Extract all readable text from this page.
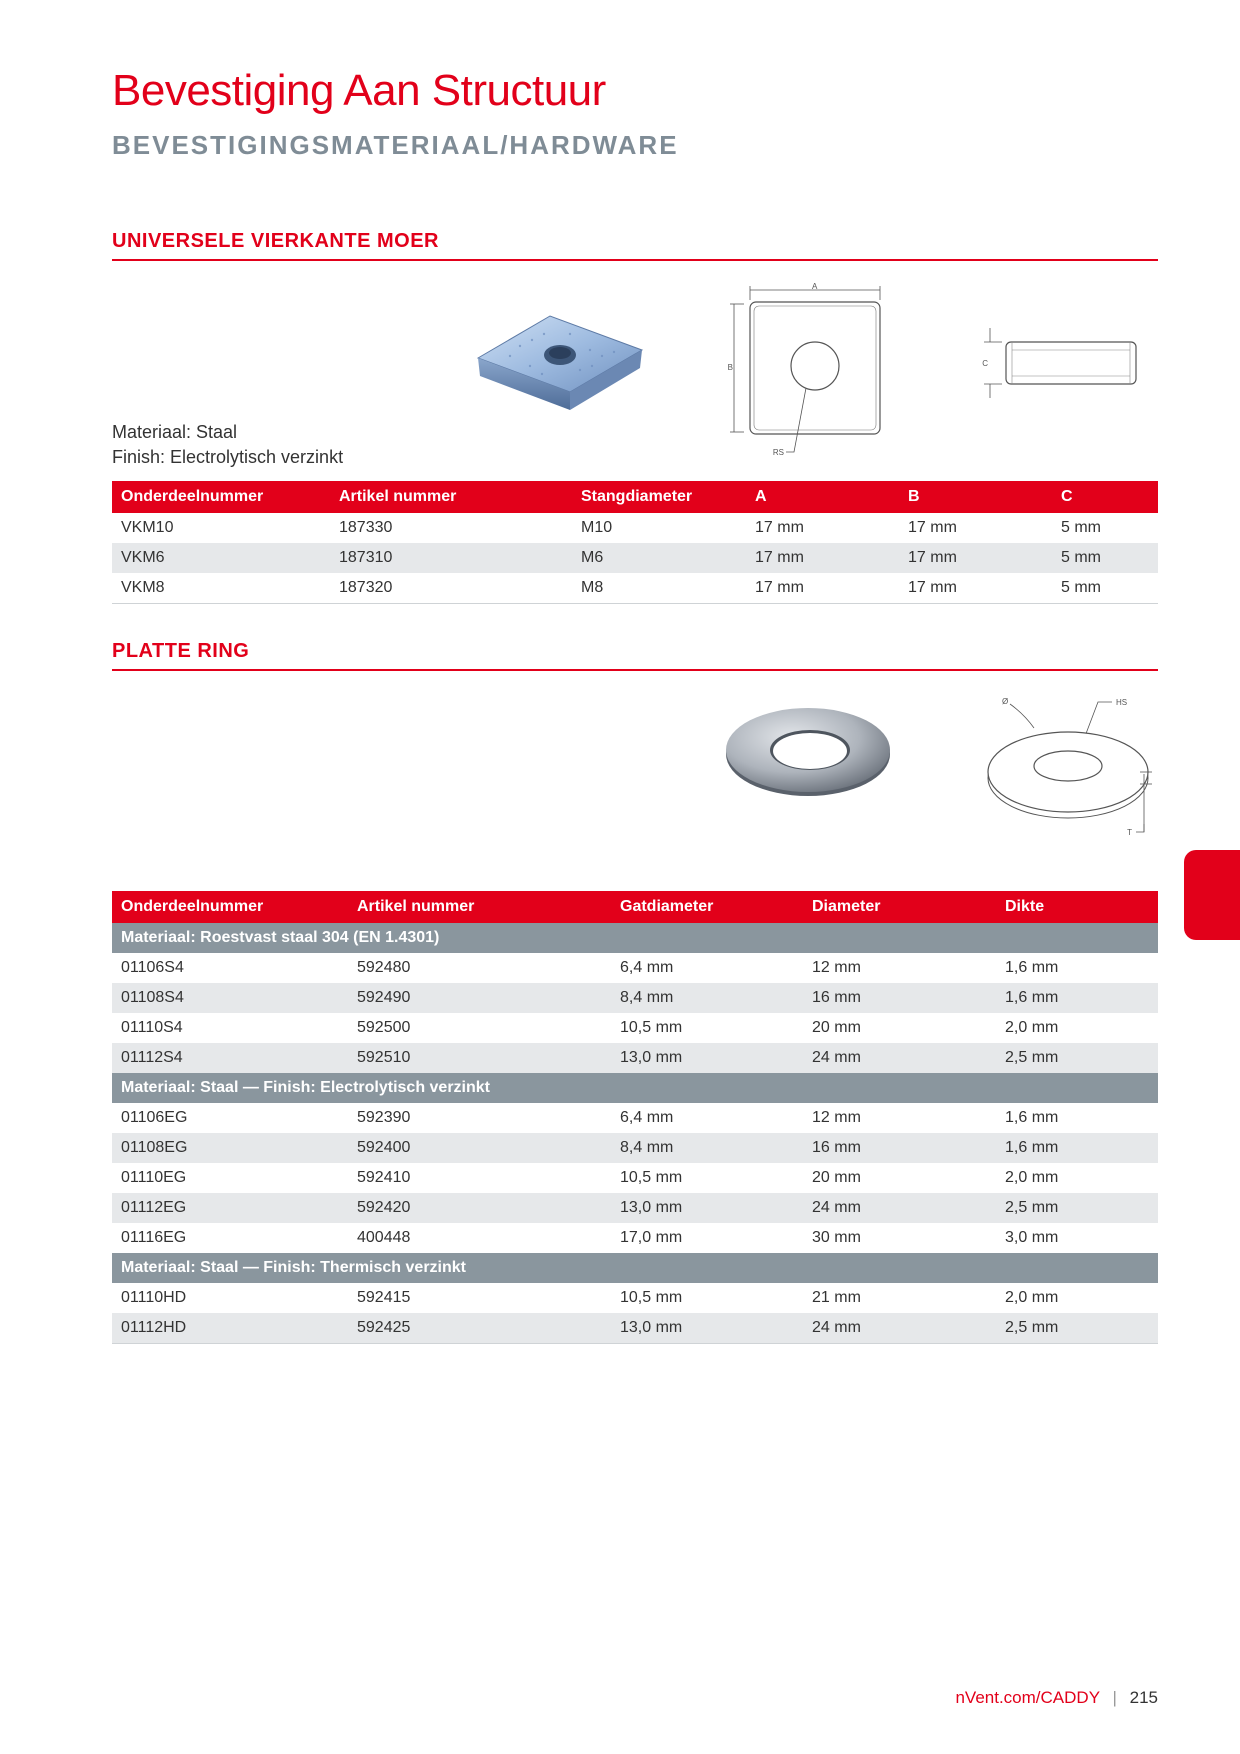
Bevestiging Aan Structuur
BEVESTIGINGSMATERIAAL/HARDWARE
UNIVERSELE VIERKANTE MOER
A
B
RS
C
Materiaal: Staal
Finish: Electrolytisch verzinkt
Onderdeelnummer	Artikel nummer	Stangdiameter	A	B	C
VKM10	187330	M10	17 mm	17 mm	5 mm
VKM6	187310	M6	17 mm	17 mm	5 mm
VKM8	187320	M8	17 mm	17 mm	5 mm
PLATTE RING
Ø	HS
T
Onderdeelnummer	Artikel nummer	Gatdiameter	Diameter	Dikte
Materiaal: Roestvast staal 304 (EN 1.4301)				
01106S4	592480	6,4 mm	12 mm	1,6 mm
01108S4	592490	8,4 mm	16 mm	1,6 mm
01110S4	592500	10,5 mm	20 mm	2,0 mm
01112S4	592510	13,0 mm	24 mm	2,5 mm
Materiaal: Staal — Finish: Electrolytisch verzinkt				
01106EG	592390	6,4 mm	12 mm	1,6 mm
01108EG	592400	8,4 mm	16 mm	1,6 mm
01110EG	592410	10,5 mm	20 mm	2,0 mm
01112EG	592420	13,0 mm	24 mm	2,5 mm
01116EG	400448	17,0 mm	30 mm	3,0 mm
Materiaal: Staal — Finish: Thermisch verzinkt				
01110HD	592415	10,5 mm	21 mm	2,0 mm
01112HD	592425	13,0 mm	24 mm	2,5 mm
nVent.com/CADDY | 215
